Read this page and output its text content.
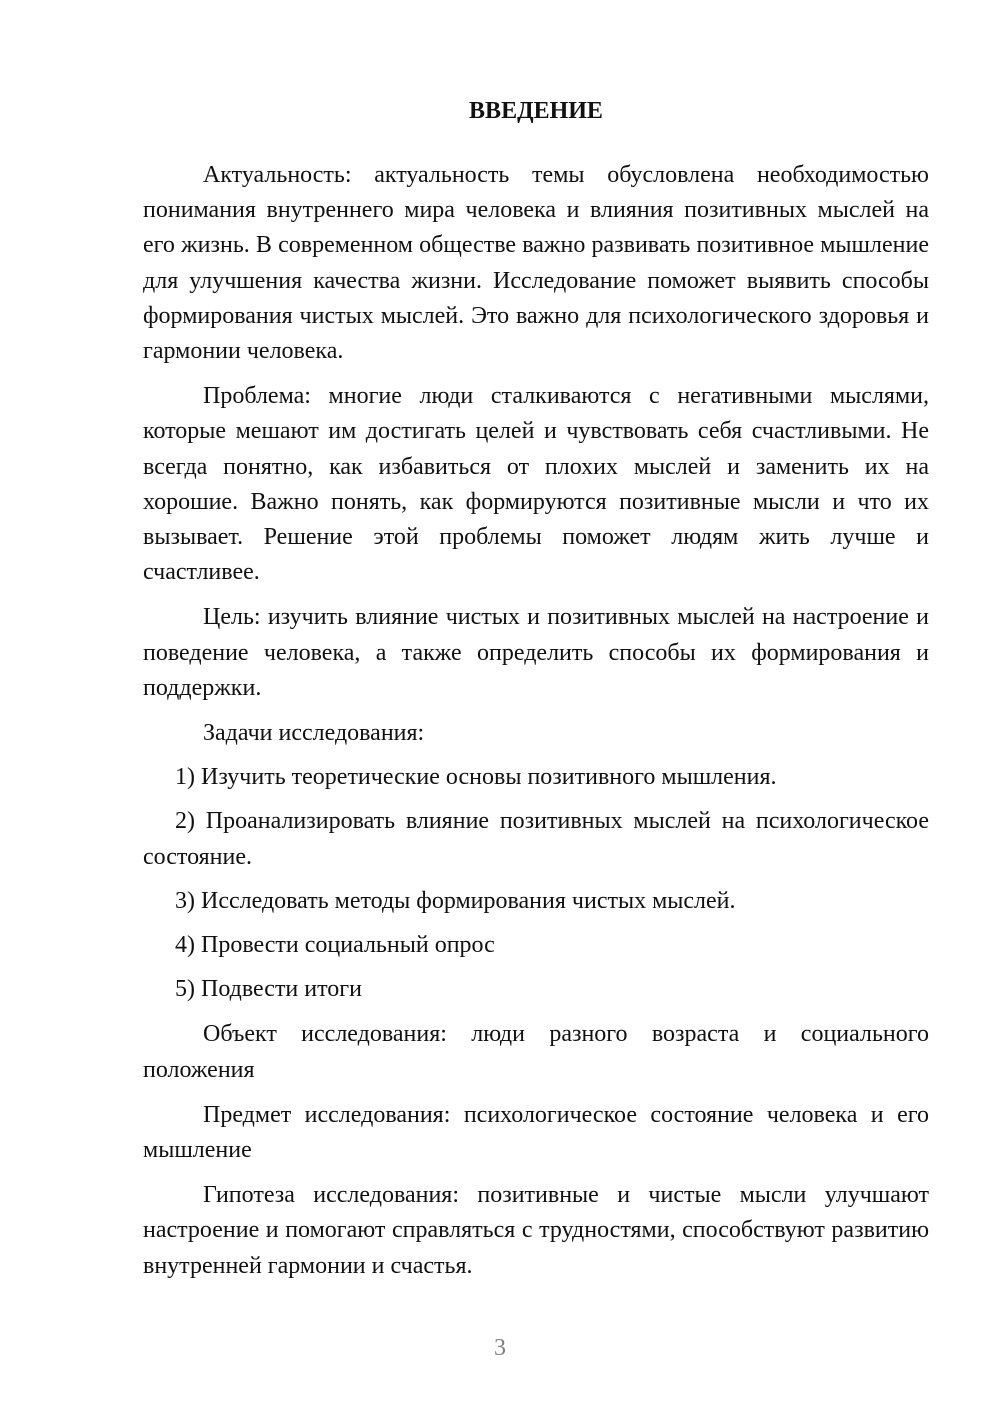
ВВЕДЕНИЕ

Актуальность: актуальность темы обусловлена необходимостью понимания внутреннего мира человека и влияния позитивных мыслей на его жизнь. В современном обществе важно развивать позитивное мышление для улучшения качества жизни. Исследование поможет выявить способы формирования чистых мыслей. Это важно для психологического здоровья и гармонии человека.

Проблема: многие люди сталкиваются с негативными мыслями, которые мешают им достигать целей и чувствовать себя счастливыми. Не всегда понятно, как избавиться от плохих мыслей и заменить их на хорошие. Важно понять, как формируются позитивные мысли и что их вызывает. Решение этой проблемы поможет людям жить лучше и счастливее.

Цель: изучить влияние чистых и позитивных мыслей на настроение и поведение человека, а также определить способы их формирования и поддержки.

Задачи исследования:

1) Изучить теоретические основы позитивного мышления.

2) Проанализировать влияние позитивных мыслей на психологическое состояние.

3) Исследовать методы формирования чистых мыслей.

4) Провести социальный опрос

5) Подвести итоги

Объект исследования: люди разного возраста и социального положения

Предмет исследования: психологическое состояние человека и его мышление

Гипотеза исследования: позитивные и чистые мысли улучшают настроение и помогают справляться с трудностями, способствуют развитию внутренней гармонии и счастья.

3
